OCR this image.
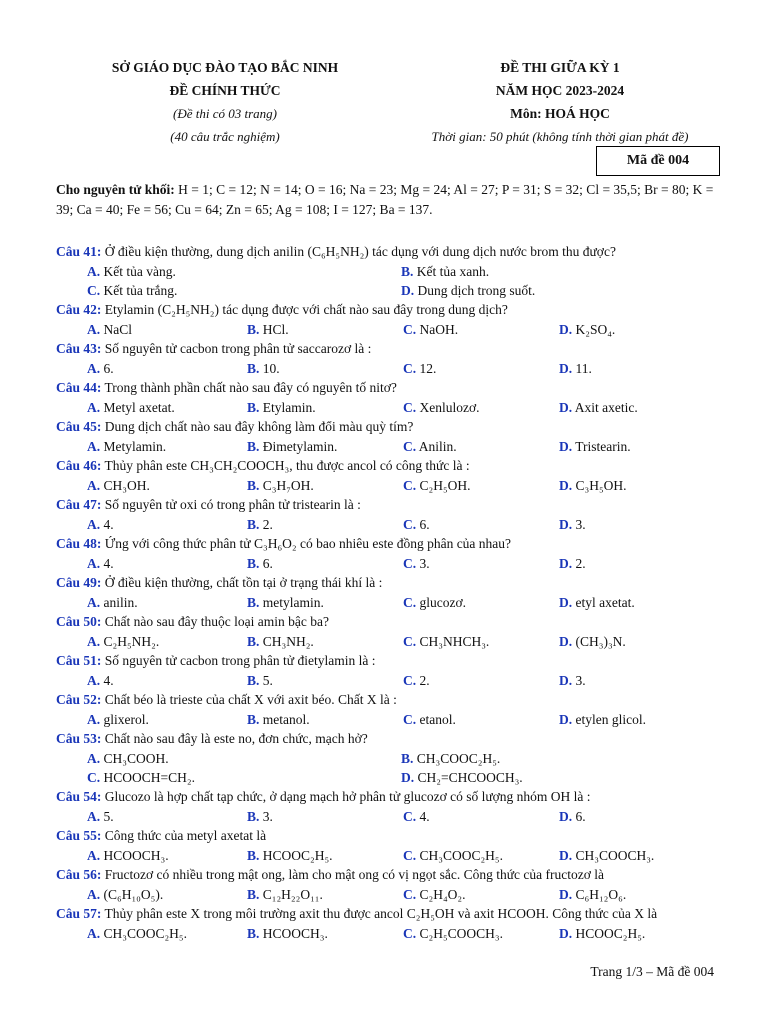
SỞ GIÁO DỤC ĐÀO TẠO BẮC NINH
ĐỀ CHÍNH THỨC
(Đề thi có 03 trang)
(40 câu trắc nghiệm)
ĐỀ THI GIỮA KỲ 1
NĂM HỌC 2023-2024
Môn: HOÁ HỌC
Thời gian: 50 phút (không tính thời gian phát đề)
Mã đề 004
Cho nguyên tử khối: H = 1; C = 12; N = 14; O = 16; Na = 23; Mg = 24; Al = 27; P = 31; S = 32; Cl = 35,5; Br = 80; K = 39; Ca = 40; Fe = 56; Cu = 64; Zn = 65; Ag = 108; I = 127; Ba = 137.
Câu 41: Ở điều kiện thường, dung dịch anilin (C₆H₅NH₂) tác dụng với dung dịch nước brom thu được?
A. Kết tủa vàng.	B. Kết tủa xanh.
C. Kết tủa trắng.	D. Dung dịch trong suốt.
Câu 42: Etylamin (C₂H₅NH₂) tác dụng được với chất nào sau đây trong dung dịch?
A. NaCl	B. HCl.	C. NaOH.	D. K₂SO₄.
Câu 43: Số nguyên tử cacbon trong phân tử saccarozơ là :
A. 6.	B. 10.	C. 12.	D. 11.
Câu 44: Trong thành phần chất nào sau đây có nguyên tố nitơ?
A. Metyl axetat.	B. Etylamin.	C. Xenlulozơ.	D. Axit axetic.
Câu 45: Dung dịch chất nào sau đây không làm đổi màu quỳ tím?
A. Metylamin.	B. Đimetylamin.	C. Anilin.	D. Tristearin.
Câu 46: Thủy phân este CH₃CH₂COOCH₃, thu được ancol có công thức là :
A. CH₃OH.	B. C₃H₇OH.	C. C₂H₅OH.	D. C₃H₅OH.
Câu 47: Số nguyên tử oxi có trong phân tử tristearin là :
A. 4.	B. 2.	C. 6.	D. 3.
Câu 48: Ứng với công thức phân tử C₃H₆O₂ có bao nhiêu este đồng phân của nhau?
A. 4.	B. 6.	C. 3.	D. 2.
Câu 49: Ở điều kiện thường, chất tồn tại ở trạng thái khí là :
A. anilin.	B. metylamin.	C. glucozơ.	D. etyl axetat.
Câu 50: Chất nào sau đây thuộc loại amin bậc ba?
A. C₂H₅NH₂.	B. CH₃NH₂.	C. CH₃NHCH₃.	D. (CH₃)₃N.
Câu 51: Số nguyên tử cacbon trong phân tử đietylamin là :
A. 4.	B. 5.	C. 2.	D. 3.
Câu 52: Chất béo là trieste của chất X với axit béo. Chất X là :
A. glixerol.	B. metanol.	C. etanol.	D. etylen glicol.
Câu 53: Chất nào sau đây là este no, đơn chức, mạch hở?
A. CH₃COOH.	B. CH₃COOC₂H₅.
C. HCOOCH=CH₂.	D. CH₂=CHCOOCH₃.
Câu 54: Glucozo là hợp chất tạp chức, ở dạng mạch hở phân tử glucozơ có số lượng nhóm OH là :
A. 5.	B. 3.	C. 4.	D. 6.
Câu 55: Công thức của metyl axetat là
A. HCOOCH₃.	B. HCOOC₂H₅.	C. CH₃COOC₂H₅.	D. CH₃COOCH₃.
Câu 56: Fructozơ có nhiều trong mật ong, làm cho mật ong có vị ngọt sắc. Công thức của fructozơ là
A. (C₆H₁₀O₅).	B. C₁₂H₂₂O₁₁.	C. C₂H₄O₂.	D. C₆H₁₂O₆.
Câu 57: Thủy phân este X trong môi trường axit thu được ancol C₂H₅OH và axit HCOOH. Công thức của X là
A. CH₃COOC₂H₅.	B. HCOOCH₃.	C. C₂H₅COOCH₃.	D. HCOOC₂H₅.
Trang 1/3 – Mã đề 004
